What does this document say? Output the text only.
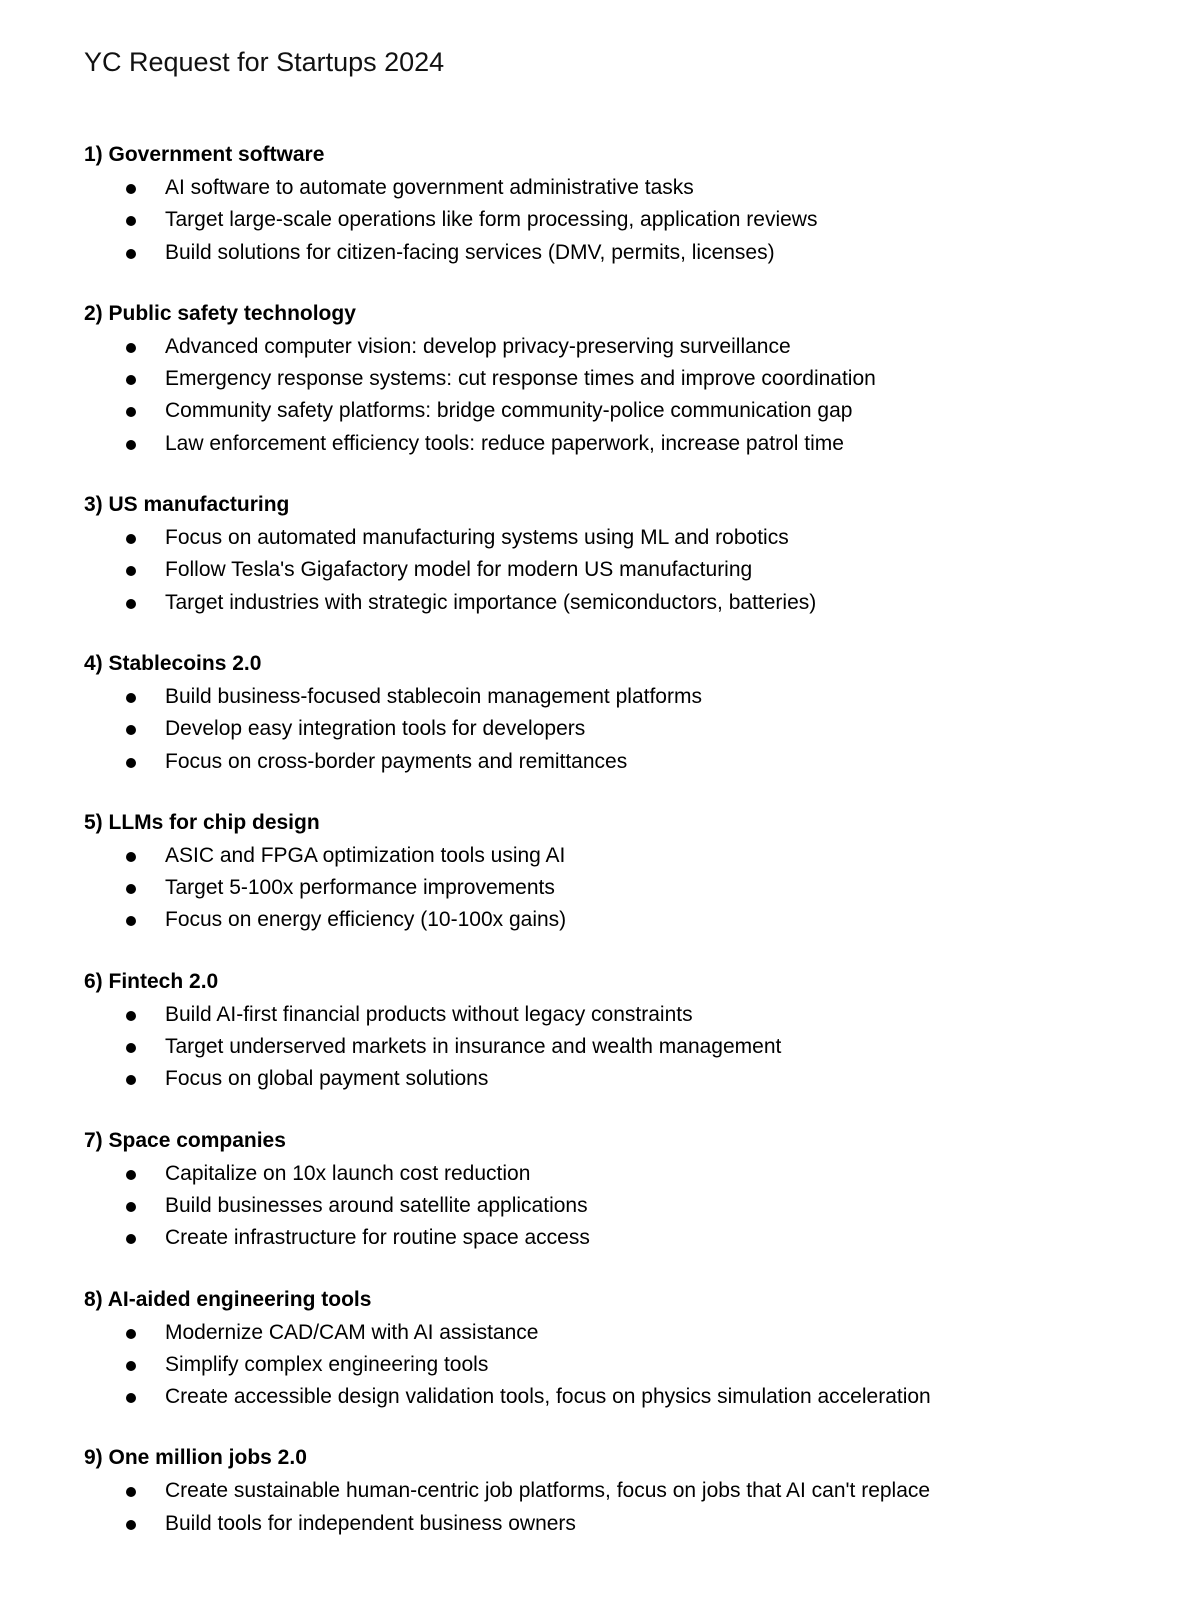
YC Request for Startups 2024
1) Government software
AI software to automate government administrative tasks
Target large-scale operations like form processing, application reviews
Build solutions for citizen-facing services (DMV, permits, licenses)
2) Public safety technology
Advanced computer vision: develop privacy-preserving surveillance
Emergency response systems: cut response times and improve coordination
Community safety platforms: bridge community-police communication gap
Law enforcement efficiency tools: reduce paperwork, increase patrol time
3) US manufacturing
Focus on automated manufacturing systems using ML and robotics
Follow Tesla's Gigafactory model for modern US manufacturing
Target industries with strategic importance (semiconductors, batteries)
4) Stablecoins 2.0
Build business-focused stablecoin management platforms
Develop easy integration tools for developers
Focus on cross-border payments and remittances
5) LLMs for chip design
ASIC and FPGA optimization tools using AI
Target 5-100x performance improvements
Focus on energy efficiency (10-100x gains)
6) Fintech 2.0
Build AI-first financial products without legacy constraints
Target underserved markets in insurance and wealth management
Focus on global payment solutions
7) Space companies
Capitalize on 10x launch cost reduction
Build businesses around satellite applications
Create infrastructure for routine space access
8) AI-aided engineering tools
Modernize CAD/CAM with AI assistance
Simplify complex engineering tools
Create accessible design validation tools, focus on physics simulation acceleration
9) One million jobs 2.0
Create sustainable human-centric job platforms, focus on jobs that AI can't replace
Build tools for independent business owners
